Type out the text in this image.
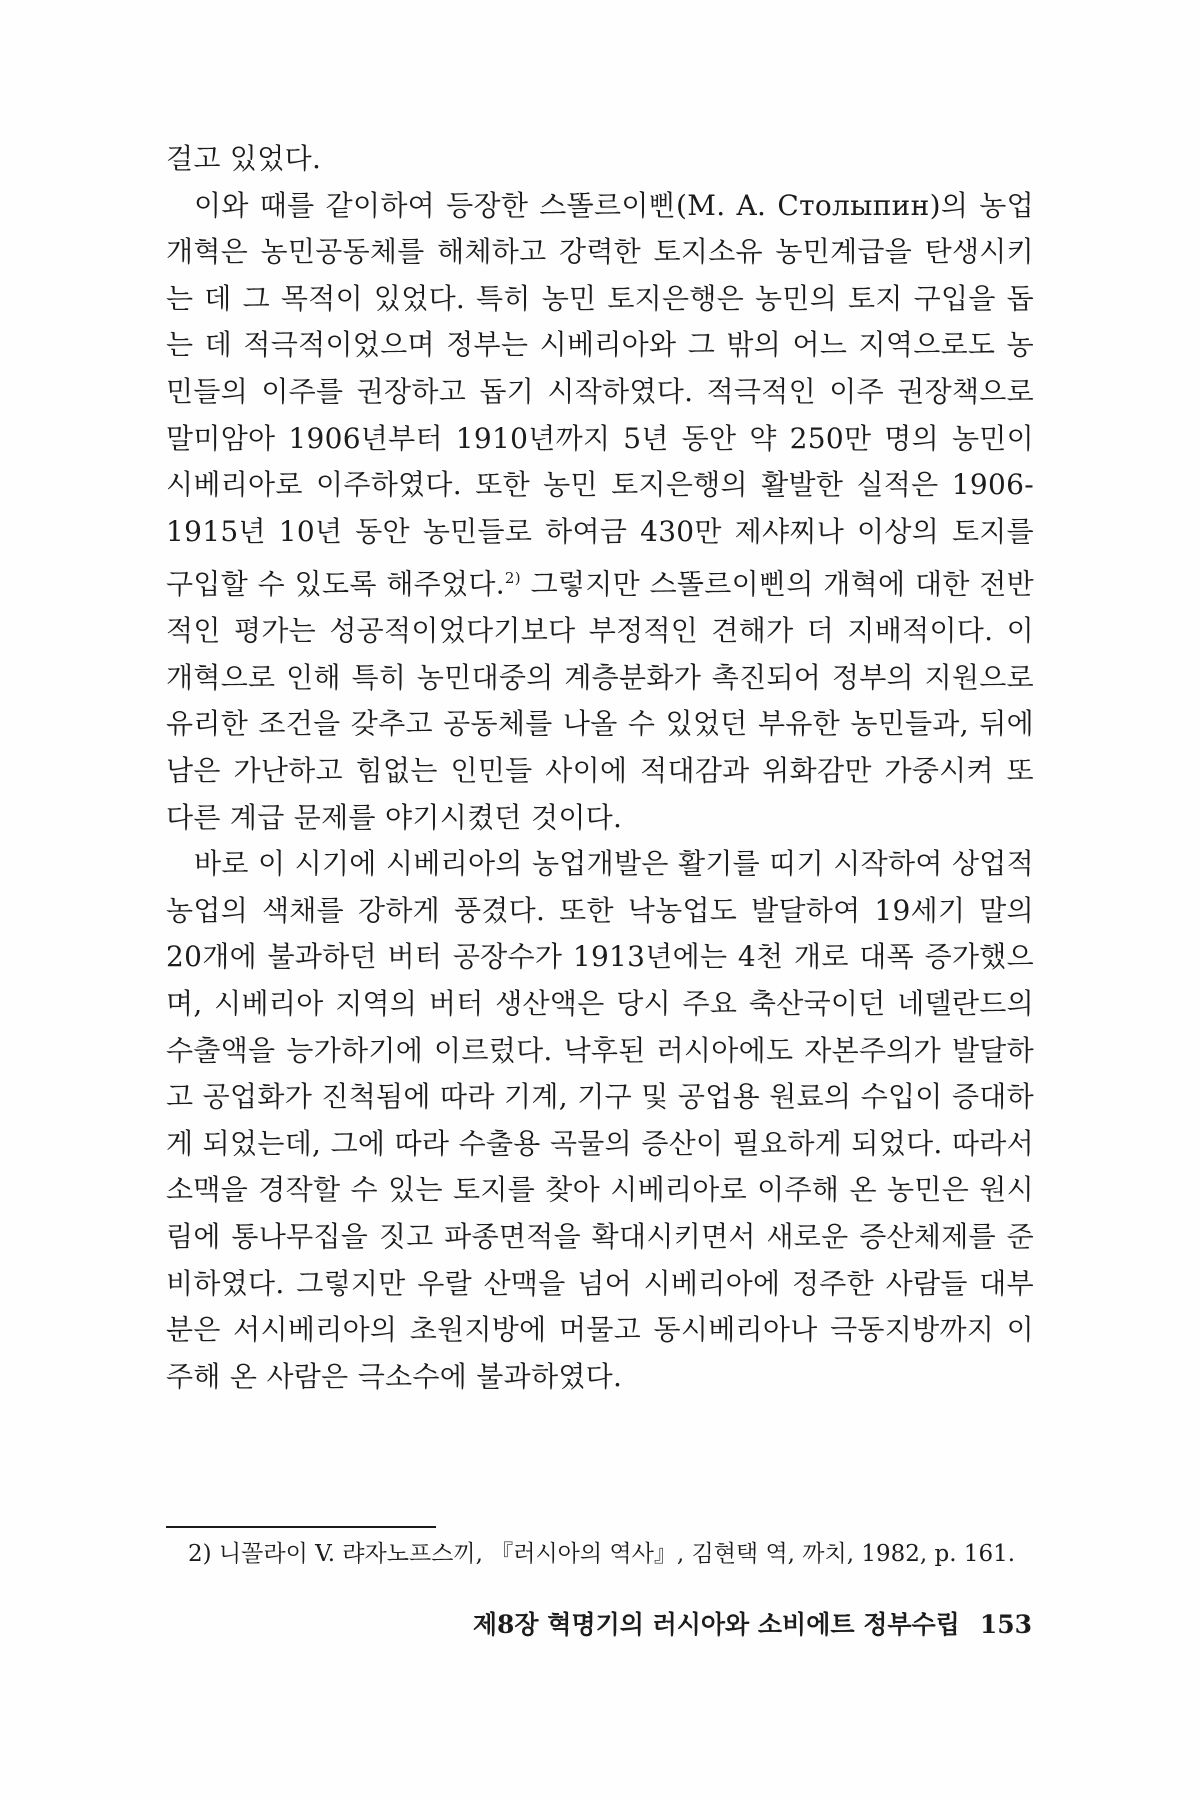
걸고 있었다.

이와 때를 같이하여 등장한 스똘르이삔(M. A. Столыпин)의 농업 개혁은 농민공동체를 해체하고 강력한 토지소유 농민계급을 탄생시키는 데 그 목적이 있었다. 특히 농민 토지은행은 농민의 토지 구입을 돕는 데 적극적이었으며 정부는 시베리아와 그 밖의 어느 지역으로도 농민들의 이주를 권장하고 돕기 시작하였다. 적극적인 이주 권장책으로 말미암아 1906년부터 1910년까지 5년 동안 약 250만 명의 농민이 시베리아로 이주하였다. 또한 농민 토지은행의 활발한 실적은 1906-1915년 10년 동안 농민들로 하여금 430만 제샤찌나 이상의 토지를 구입할 수 있도록 해주었다.$^{2)}$ 그렇지만 스똘르이삔의 개혁에 대한 전반적인 평가는 성공적이었다기보다 부정적인 견해가 더 지배적이다. 이 개혁으로 인해 특히 농민대중의 계층분화가 촉진되어 정부의 지원으로 유리한 조건을 갖추고 공동체를 나올 수 있었던 부유한 농민들과, 뒤에 남은 가난하고 힘없는 인민들 사이에 적대감과 위화감만 가중시켜 또 다른 계급 문제를 야기시켰던 것이다.

바로 이 시기에 시베리아의 농업개발은 활기를 띠기 시작하여 상업적 농업의 색채를 강하게 풍겼다. 또한 낙농업도 발달하여 19세기 말의 20개에 불과하던 버터 공장수가 1913년에는 4천 개로 대폭 증가했으며, 시베리아 지역의 버터 생산액은 당시 주요 축산국이던 네델란드의 수출액을 능가하기에 이르렀다. 낙후된 러시아에도 자본주의가 발달하고 공업화가 진척됨에 따라 기계, 기구 및 공업용 원료의 수입이 증대하게 되었는데, 그에 따라 수출용 곡물의 증산이 필요하게 되었다. 따라서 소맥을 경작할 수 있는 토지를 찾아 시베리아로 이주해 온 농민은 원시림에 통나무집을 짓고 파종면적을 확대시키면서 새로운 증산체제를 준비하였다. 그렇지만 우랄 산맥을 넘어 시베리아에 정주한 사람들 대부분은 서시베리아의 초원지방에 머물고 동시베리아나 극동지방까지 이주해 온 사람은 극소수에 불과하였다.

2) 니꼴라이 V. 랴자노프스끼, 『러시아의 역사』, 김현택 역, 까치, 1982, p. 161.
제8장 혁명기의 러시아와 소비에트 정부수립 153
